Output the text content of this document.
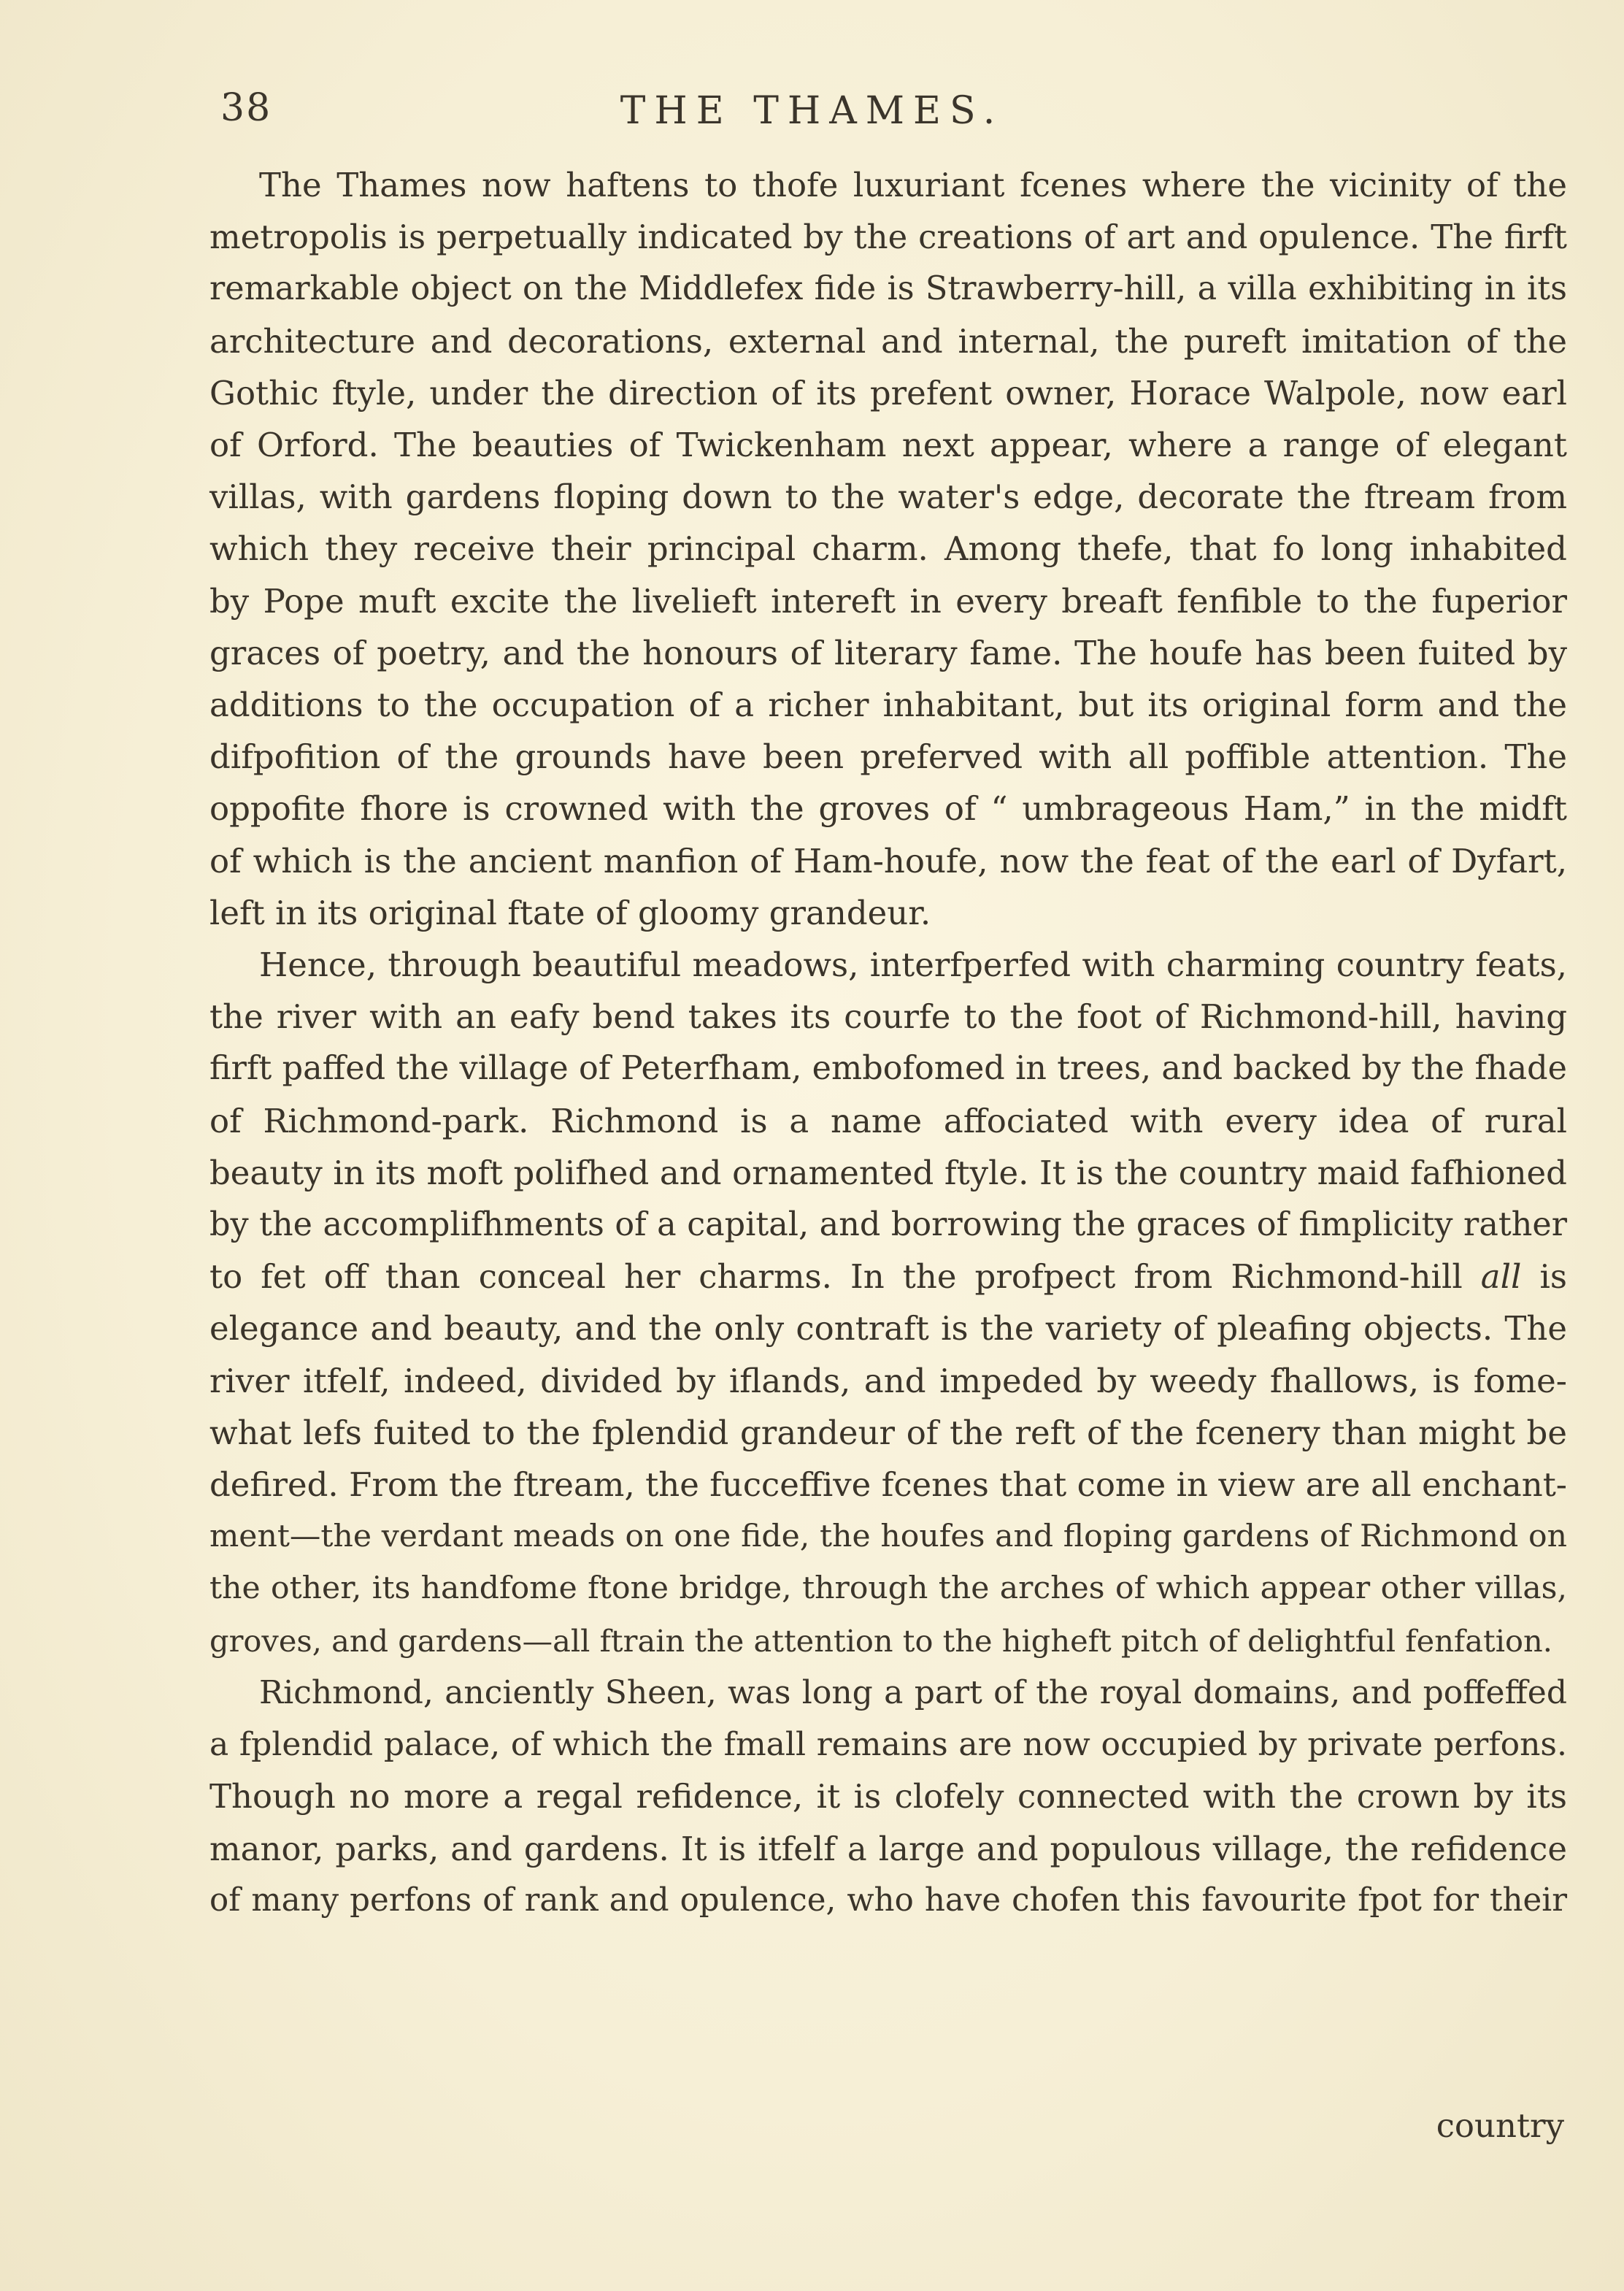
38	THE THAMES.

The Thames now haftens to thofe luxuriant fcenes where the vicinity of the

metropolis is perpetually indicated by the creations of art and opulence. The firft

remarkable object on the Middlefex fide is Strawberry-hill, a villa exhibiting in its

architecture and decorations, external and internal, the pureft imitation of the

Gothic ftyle, under the direction of its prefent owner, Horace Walpole, now earl

of Orford. The beauties of Twickenham next appear, where a range of elegant

villas, with gardens floping down to the water's edge, decorate the ftream from

which they receive their principal charm. Among thefe, that fo long inhabited

by Pope muft excite the livelieft intereft in every breaft fenfible to the fuperior

graces of poetry, and the honours of literary fame. The houfe has been fuited by

additions to the occupation of a richer inhabitant, but its original form and the

difpofition of the grounds have been preferved with all poffible attention. The

oppofite fhore is crowned with the groves of “ umbrageous Ham,” in the midft

of which is the ancient manfion of Ham-houfe, now the feat of the earl of Dyfart,

left in its original ftate of gloomy grandeur.

Hence, through beautiful meadows, interfperfed with charming country feats,

the river with an eafy bend takes its courfe to the foot of Richmond-hill, having

firft paffed the village of Peterfham, embofomed in trees, and backed by the fhade

of Richmond-park. Richmond is a name affociated with every idea of rural

beauty in its moft polifhed and ornamented ftyle. It is the country maid fafhioned

by the accomplifhments of a capital, and borrowing the graces of fimplicity rather

to fet off than conceal her charms. In the profpect from Richmond-hill all is

elegance and beauty, and the only contraft is the variety of pleafing objects. The

river itfelf, indeed, divided by iflands, and impeded by weedy fhallows, is fome-

what lefs fuited to the fplendid grandeur of the reft of the fcenery than might be

defired. From the ftream, the fucceffive fcenes that come in view are all enchant-

ment—the verdant meads on one fide, the houfes and floping gardens of Richmond on

the other, its handfome ftone bridge, through the arches of which appear other villas,

groves, and gardens—all ftrain the attention to the higheft pitch of delightful fenfation.

Richmond, anciently Sheen, was long a part of the royal domains, and poffeffed

a fplendid palace, of which the fmall remains are now occupied by private perfons.

Though no more a regal refidence, it is clofely connected with the crown by its

manor, parks, and gardens. It is itfelf a large and populous village, the refidence

of many perfons of rank and opulence, who have chofen this favourite fpot for their

country
